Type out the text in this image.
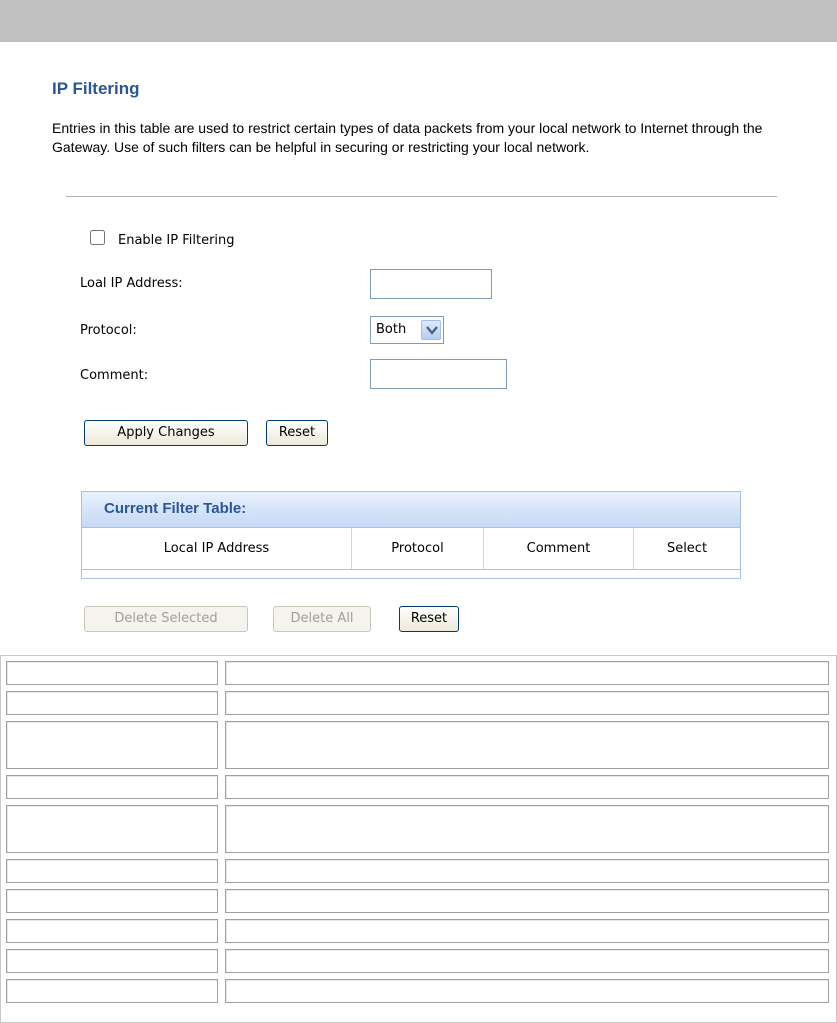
IP Filtering

Entries in this table are used to restrict certain types of data packets from your local network to Internet through the Gateway. Use of such filters can be helpful in securing or restricting your local network.

Enable IP Filtering
Loal IP Address:
Protocol:	Both
Comment:
Apply Changes	Reset
Current Filter Table:
Local IP Address	Protocol	Comment	Select
Delete Selected	Delete All	Reset
